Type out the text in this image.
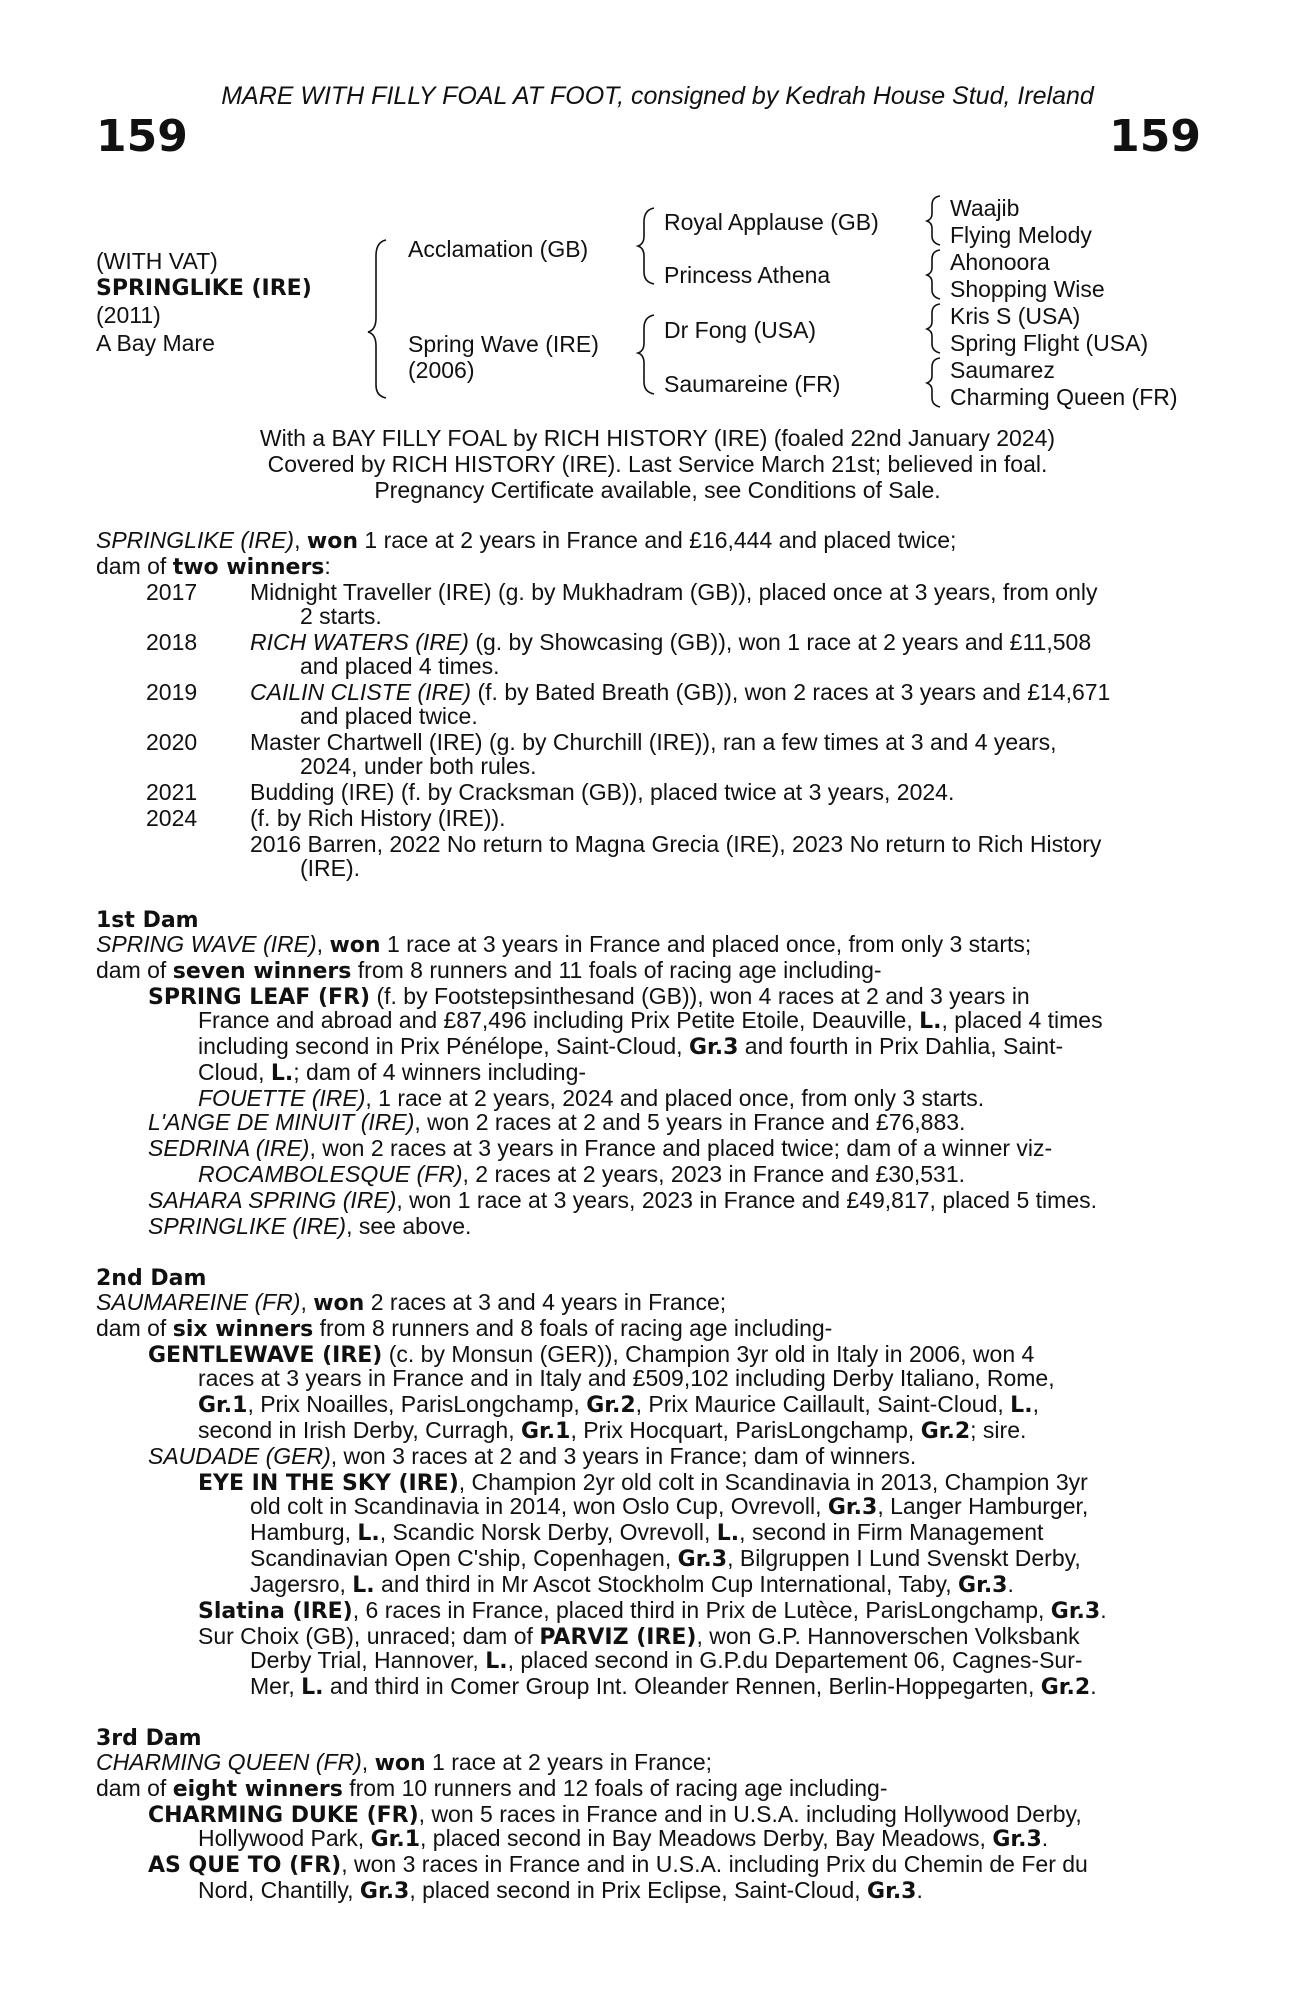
MARE WITH FILLY FOAL AT FOOT, consigned by Kedrah House Stud, Ireland
159	159
(WITH VAT)
SPRINGLIKE (IRE)
(2011)
A Bay Mare
Acclamation (GB)
Spring Wave (IRE)
(2006)
Royal Applause (GB)
Princess Athena
Dr Fong (USA)
Saumareine (FR)
Waajib
Flying Melody
Ahonoora
Shopping Wise
Kris S (USA)
Spring Flight (USA)
Saumarez
Charming Queen (FR)
With a BAY FILLY FOAL by RICH HISTORY (IRE) (foaled 22nd January 2024)
Covered by RICH HISTORY (IRE). Last Service March 21st; believed in foal.
Pregnancy Certificate available, see Conditions of Sale.
SPRINGLIKE (IRE), won 1 race at 2 years in France and £16,444 and placed twice;
dam of two winners:
2017 Midnight Traveller (IRE) (g. by Mukhadram (GB)), placed once at 3 years, from only
2 starts.
2018 RICH WATERS (IRE) (g. by Showcasing (GB)), won 1 race at 2 years and £11,508
and placed 4 times.
2019 CAILIN CLISTE (IRE) (f. by Bated Breath (GB)), won 2 races at 3 years and £14,671
and placed twice.
2020 Master Chartwell (IRE) (g. by Churchill (IRE)), ran a few times at 3 and 4 years,
2024, under both rules.
2021 Budding (IRE) (f. by Cracksman (GB)), placed twice at 3 years, 2024.
2024 (f. by Rich History (IRE)).
2016 Barren, 2022 No return to Magna Grecia (IRE), 2023 No return to Rich History
(IRE).
1st Dam
SPRING WAVE (IRE), won 1 race at 3 years in France and placed once, from only 3 starts;
dam of seven winners from 8 runners and 11 foals of racing age including-
SPRING LEAF (FR) (f. by Footstepsinthesand (GB)), won 4 races at 2 and 3 years in
France and abroad and £87,496 including Prix Petite Etoile, Deauville, L., placed 4 times
including second in Prix Pénélope, Saint-Cloud, Gr.3 and fourth in Prix Dahlia, Saint-
Cloud, L.; dam of 4 winners including-
FOUETTE (IRE), 1 race at 2 years, 2024 and placed once, from only 3 starts.
L'ANGE DE MINUIT (IRE), won 2 races at 2 and 5 years in France and £76,883.
SEDRINA (IRE), won 2 races at 3 years in France and placed twice; dam of a winner viz-
ROCAMBOLESQUE (FR), 2 races at 2 years, 2023 in France and £30,531.
SAHARA SPRING (IRE), won 1 race at 3 years, 2023 in France and £49,817, placed 5 times.
SPRINGLIKE (IRE), see above.
2nd Dam
SAUMAREINE (FR), won 2 races at 3 and 4 years in France;
dam of six winners from 8 runners and 8 foals of racing age including-
GENTLEWAVE (IRE) (c. by Monsun (GER)), Champion 3yr old in Italy in 2006, won 4
races at 3 years in France and in Italy and £509,102 including Derby Italiano, Rome,
Gr.1, Prix Noailles, ParisLongchamp, Gr.2, Prix Maurice Caillault, Saint-Cloud, L.,
second in Irish Derby, Curragh, Gr.1, Prix Hocquart, ParisLongchamp, Gr.2; sire.
SAUDADE (GER), won 3 races at 2 and 3 years in France; dam of winners.
EYE IN THE SKY (IRE), Champion 2yr old colt in Scandinavia in 2013, Champion 3yr
old colt in Scandinavia in 2014, won Oslo Cup, Ovrevoll, Gr.3, Langer Hamburger,
Hamburg, L., Scandic Norsk Derby, Ovrevoll, L., second in Firm Management
Scandinavian Open C'ship, Copenhagen, Gr.3, Bilgruppen I Lund Svenskt Derby,
Jagersro, L. and third in Mr Ascot Stockholm Cup International, Taby, Gr.3.
Slatina (IRE), 6 races in France, placed third in Prix de Lutèce, ParisLongchamp, Gr.3.
Sur Choix (GB), unraced; dam of PARVIZ (IRE), won G.P. Hannoverschen Volksbank
Derby Trial, Hannover, L., placed second in G.P.du Departement 06, Cagnes-Sur-
Mer, L. and third in Comer Group Int. Oleander Rennen, Berlin-Hoppegarten, Gr.2.
3rd Dam
CHARMING QUEEN (FR), won 1 race at 2 years in France;
dam of eight winners from 10 runners and 12 foals of racing age including-
CHARMING DUKE (FR), won 5 races in France and in U.S.A. including Hollywood Derby,
Hollywood Park, Gr.1, placed second in Bay Meadows Derby, Bay Meadows, Gr.3.
AS QUE TO (FR), won 3 races in France and in U.S.A. including Prix du Chemin de Fer du
Nord, Chantilly, Gr.3, placed second in Prix Eclipse, Saint-Cloud, Gr.3.
